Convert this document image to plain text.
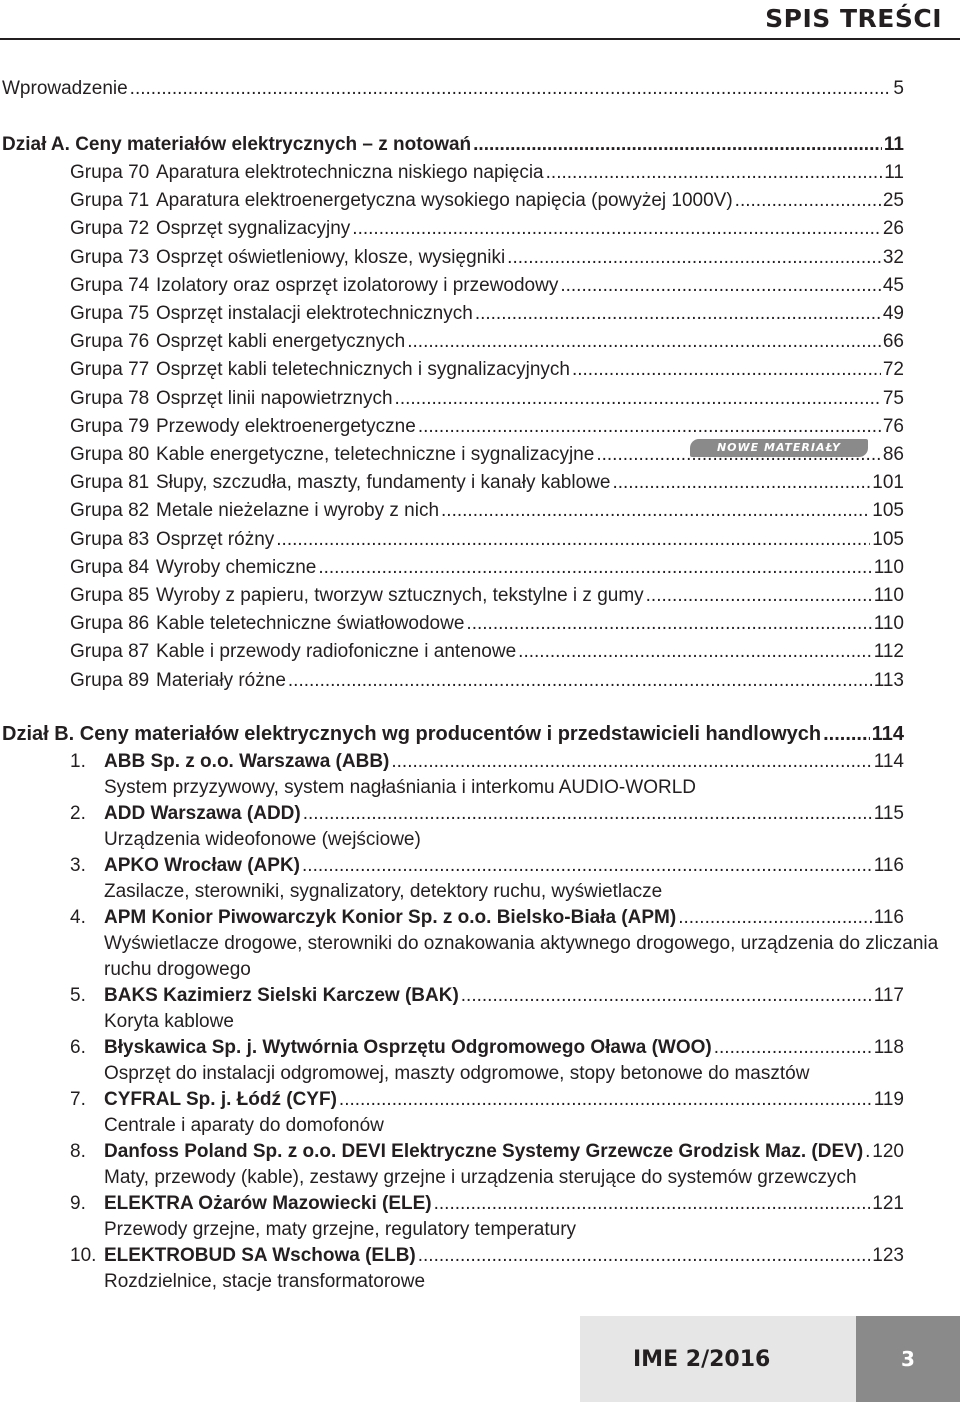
SPIS TREŚCI
Wprowadzenie .....	5
Dział A. Ceny materiałów elektrycznych – z notowań .....	11
Grupa 70 Aparatura elektrotechniczna niskiego napięcia .....	11
Grupa 71 Aparatura elektroenergetyczna wysokiego napięcia (powyżej 1000V) .....	25
Grupa 72 Osprzęt sygnalizacyjny .....	26
Grupa 73 Osprzęt oświetleniowy, klosze, wysięgniki .....	32
Grupa 74 Izolatory oraz osprzęt izolatorowy i przewodowy .....	45
Grupa 75 Osprzęt instalacji elektrotechnicznych .....	49
Grupa 76 Osprzęt kabli energetycznych .....	66
Grupa 77 Osprzęt kabli teletechnicznych i sygnalizacyjnych .....	72
Grupa 78 Osprzęt linii napowietrznych .....	75
Grupa 79 Przewody elektroenergetyczne .....	76
Grupa 80 Kable energetyczne, teletechniczne i sygnalizacyjne .....	86
Grupa 81 Słupy, szczudła, maszty, fundamenty i kanały kablowe .....	101
Grupa 82 Metale nieżelazne i wyroby z nich .....	105
Grupa 83 Osprzęt różny .....	105
Grupa 84 Wyroby chemiczne .....	110
Grupa 85 Wyroby z papieru, tworzyw sztucznych, tekstylne i z gumy .....	110
Grupa 86 Kable teletechniczne światłowodowe .....	110
Grupa 87 Kable i przewody radiofoniczne i antenowe .....	112
Grupa 89 Materiały różne .....	113
Dział B. Ceny materiałów elektrycznych wg producentów i przedstawicieli handlowych .....	114
1. ABB Sp. z o.o. Warszawa (ABB) .....	114
System przyzywowy, system nagłaśniania i interkomu AUDIO-WORLD
2. ADD Warszawa (ADD) .....	115
Urządzenia wideofonowe (wejściowe)
3. APKO Wrocław (APK) .....	116
Zasilacze, sterowniki, sygnalizatory, detektory ruchu, wyświetlacze
4. APM Konior Piwowarczyk Konior Sp. z o.o. Bielsko-Biała (APM) .....	116
Wyświetlacze drogowe, sterowniki do oznakowania aktywnego drogowego, urządzenia do zliczania
ruchu drogowego
5. BAKS Kazimierz Sielski Karczew (BAK) .....	117
Koryta kablowe
6. Błyskawica Sp. j. Wytwórnia Osprzętu Odgromowego Oława (WOO) .....	118
Osprzęt do instalacji odgromowej, maszty odgromowe, stopy betonowe do masztów
7. CYFRAL Sp. j. Łódź (CYF) .....	119
Centrale i aparaty do domofonów
8. Danfoss Poland Sp. z o.o. DEVI Elektryczne Systemy Grzewcze Grodzisk Maz. (DEV) ..... 120
Maty, przewody (kable), zestawy grzejne i urządzenia sterujące do systemów grzewczych
9. ELEKTRA Ożarów Mazowiecki (ELE) .....	121
Przewody grzejne, maty grzejne, regulatory temperatury
10. ELEKTROBUD SA Wschowa (ELB) .....	123
Rozdzielnice, stacje transformatorowe
NOWE MATERIAŁY
IME 2/2016	3
